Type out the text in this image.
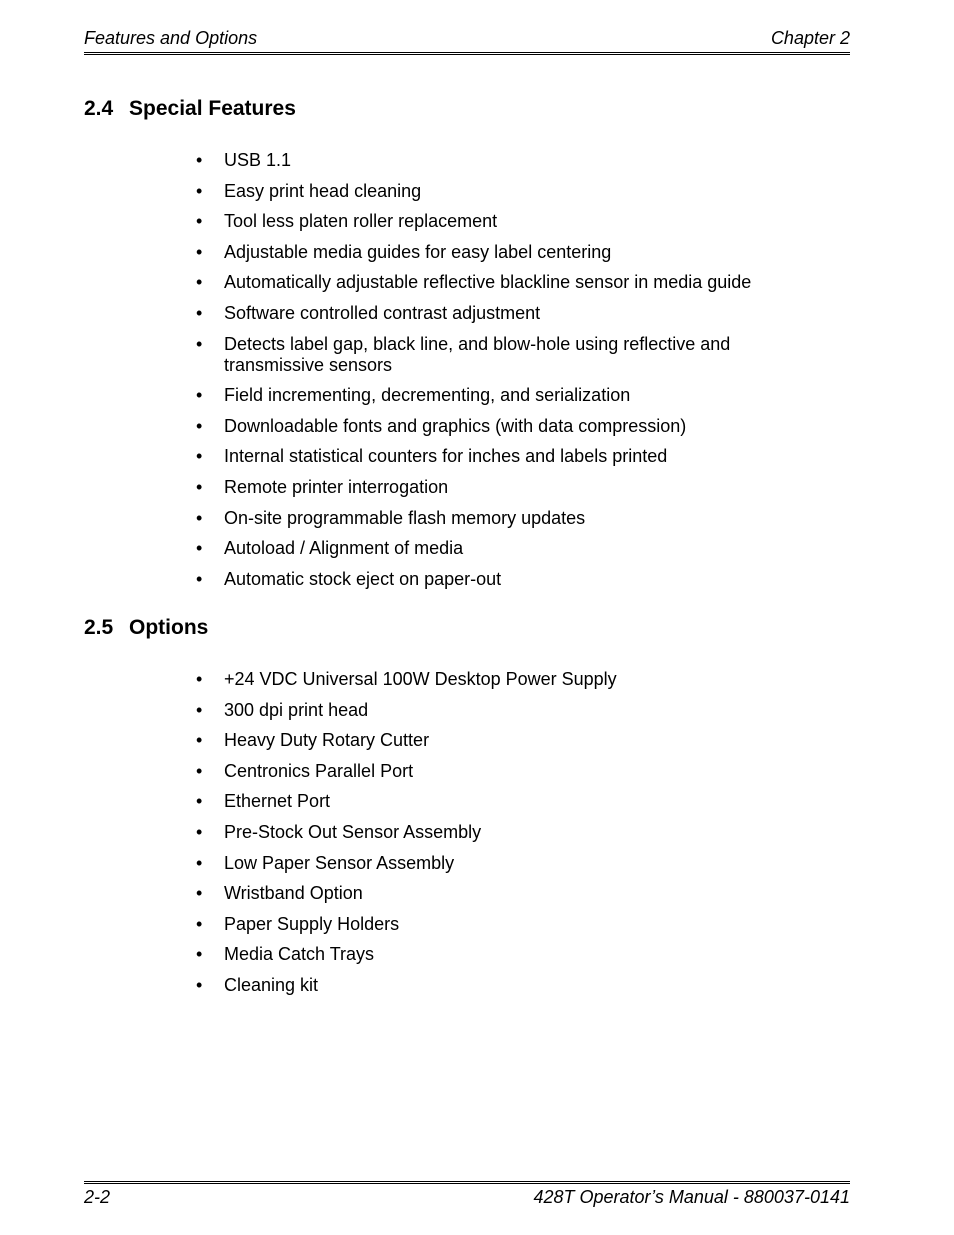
Features and Options	Chapter 2
2.4 Special Features
• USB 1.1
• Easy print head cleaning
• Tool less platen roller replacement
• Adjustable media guides for easy label centering
• Automatically adjustable reflective blackline sensor in media guide
• Software controlled contrast adjustment
• Detects label gap, black line, and blow-hole using reflective and transmissive sensors
• Field incrementing, decrementing, and serialization
• Downloadable fonts and graphics (with data compression)
• Internal statistical counters for inches and labels printed
• Remote printer interrogation
• On-site programmable flash memory updates
• Autoload / Alignment of media
• Automatic stock eject on paper-out
2.5 Options
• +24 VDC Universal 100W Desktop Power Supply
• 300 dpi print head
• Heavy Duty Rotary Cutter
• Centronics Parallel Port
• Ethernet Port
• Pre-Stock Out Sensor Assembly
• Low Paper Sensor Assembly
• Wristband Option
• Paper Supply Holders
• Media Catch Trays
• Cleaning kit
2-2	428T Operator’s Manual - 880037-0141
